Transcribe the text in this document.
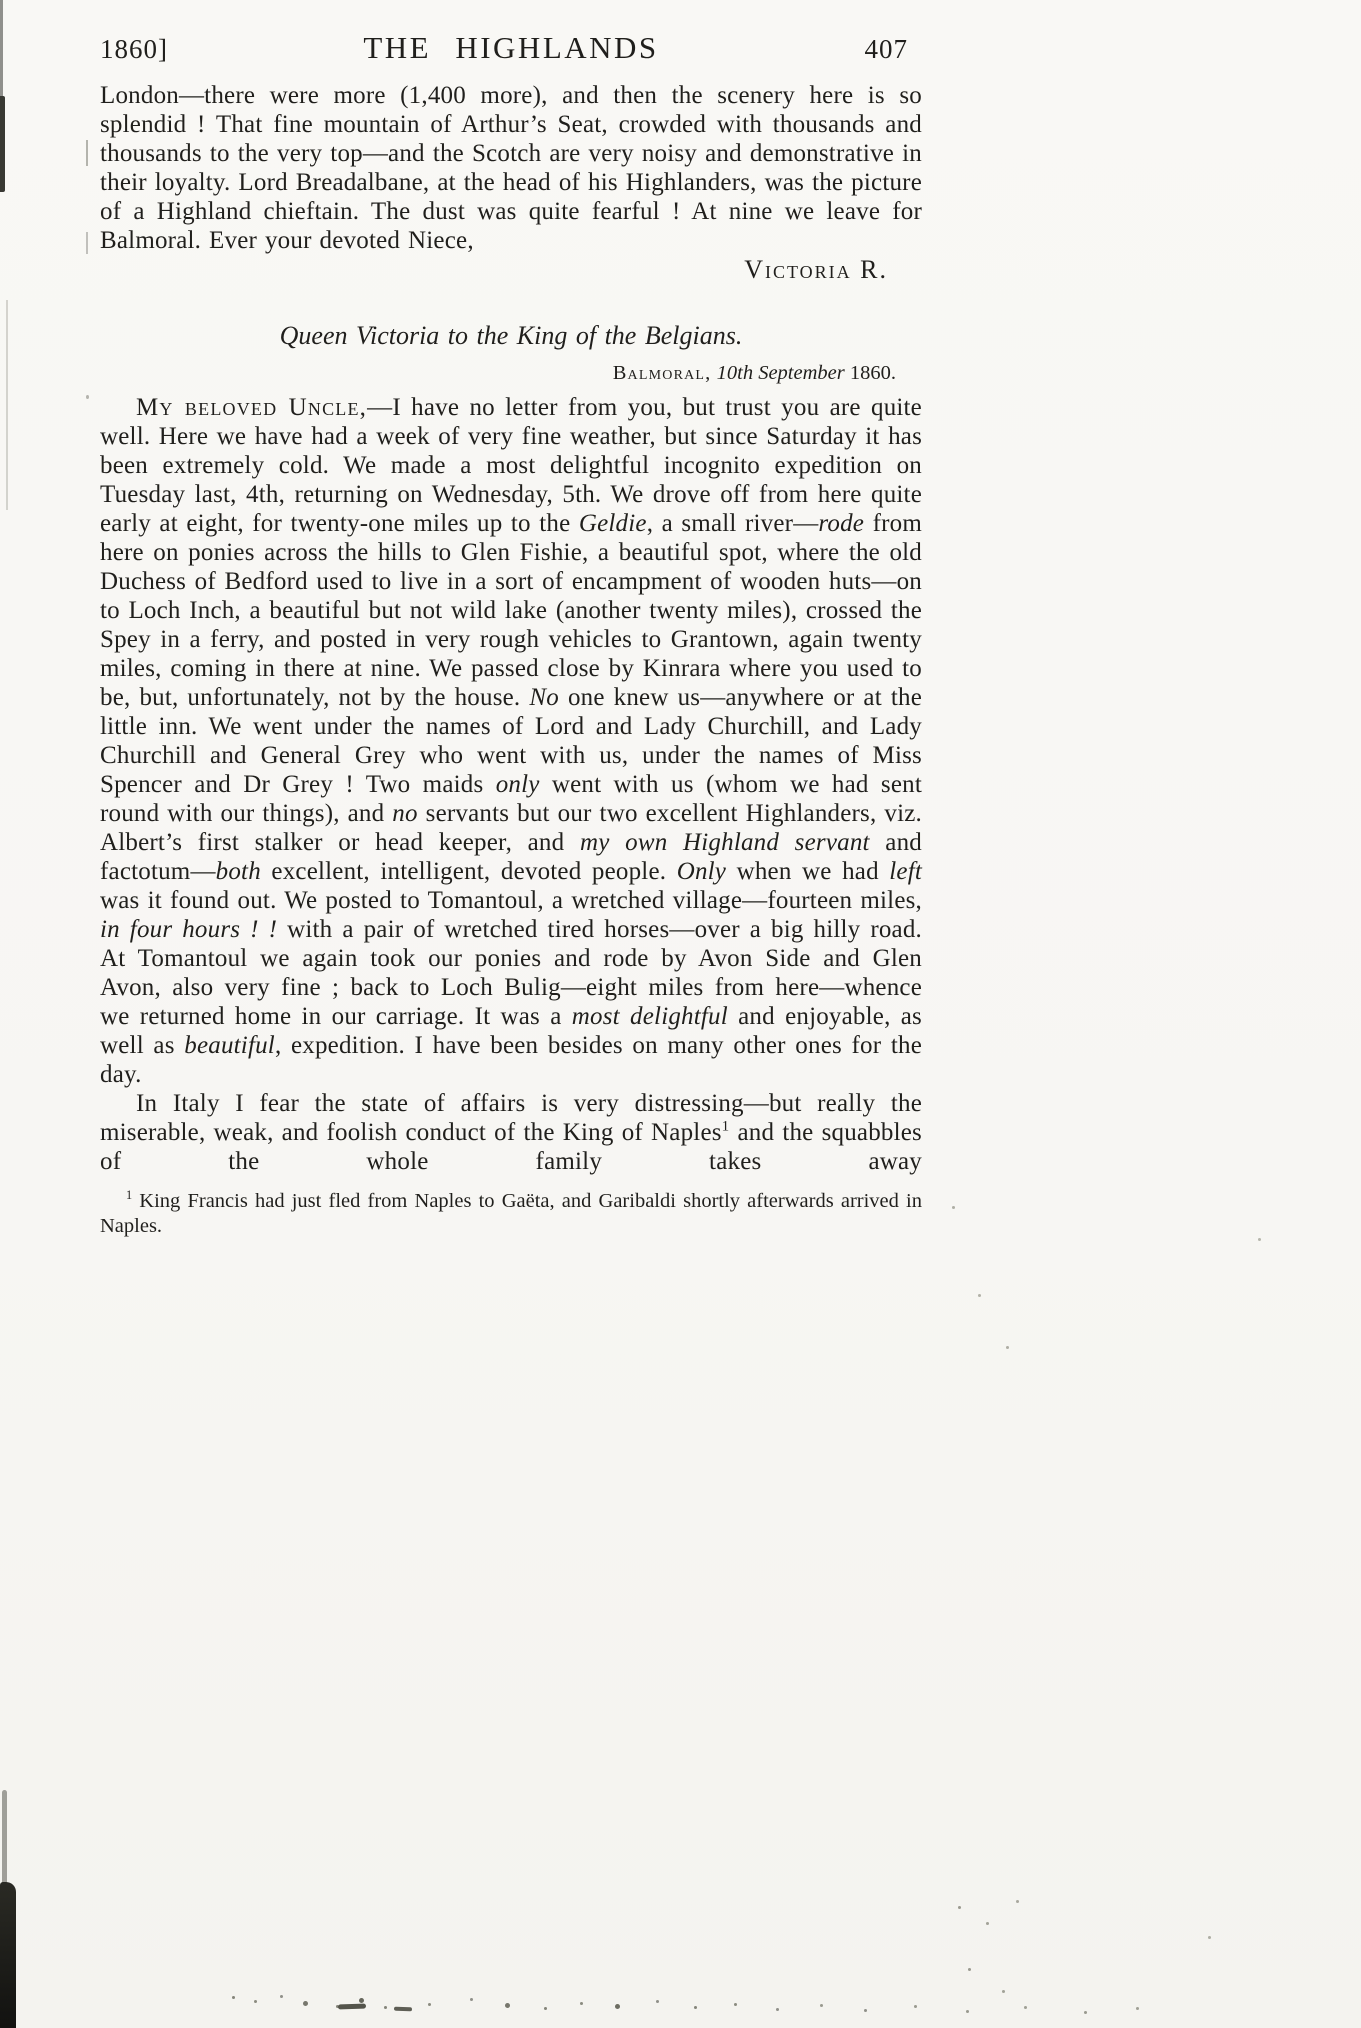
1860]	THE HIGHLANDS	407

London—there were more (1,400 more), and then the scenery here is so splendid ! That fine mountain of Arthur’s Seat, crowded with thousands and thousands to the very top—and the Scotch are very noisy and demonstrative in their loyalty. Lord Breadalbane, at the head of his Highlanders, was the picture of a Highland chieftain. The dust was quite fearful ! At nine we leave for Balmoral. Ever your devoted Niece,

Victoria R.

Queen Victoria to the King of the Belgians.

Balmoral, 10th September 1860.

My beloved Uncle,—I have no letter from you, but trust you are quite well. Here we have had a week of very fine weather, but since Saturday it has been extremely cold. We made a most delightful incognito expedition on Tuesday last, 4th, returning on Wednesday, 5th. We drove off from here quite early at eight, for twenty-one miles up to the Geldie, a small river—rode from here on ponies across the hills to Glen Fishie, a beautiful spot, where the old Duchess of Bedford used to live in a sort of encampment of wooden huts—on to Loch Inch, a beautiful but not wild lake (another twenty miles), crossed the Spey in a ferry, and posted in very rough vehicles to Grantown, again twenty miles, coming in there at nine. We passed close by Kinrara where you used to be, but, unfortunately, not by the house. No one knew us—anywhere or at the little inn. We went under the names of Lord and Lady Churchill, and Lady Churchill and General Grey who went with us, under the names of Miss Spencer and Dr Grey ! Two maids only went with us (whom we had sent round with our things), and no servants but our two excellent Highlanders, viz. Albert’s first stalker or head keeper, and my own Highland servant and factotum—both excellent, intelligent, devoted people. Only when we had left was it found out. We posted to Tomantoul, a wretched village—fourteen miles, in four hours ! ! with a pair of wretched tired horses—over a big hilly road. At Tomantoul we again took our ponies and rode by Avon Side and Glen Avon, also very fine ; back to Loch Bulig—eight miles from here—whence we returned home in our carriage. It was a most delightful and enjoyable, as well as beautiful, expedition. I have been besides on many other ones for the day.

In Italy I fear the state of affairs is very distressing—but really the miserable, weak, and foolish conduct of the King of Naples$^1$ and the squabbles of the whole family takes away

$^1$ King Francis had just fled from Naples to Gaëta, and Garibaldi shortly afterwards arrived in Naples.
